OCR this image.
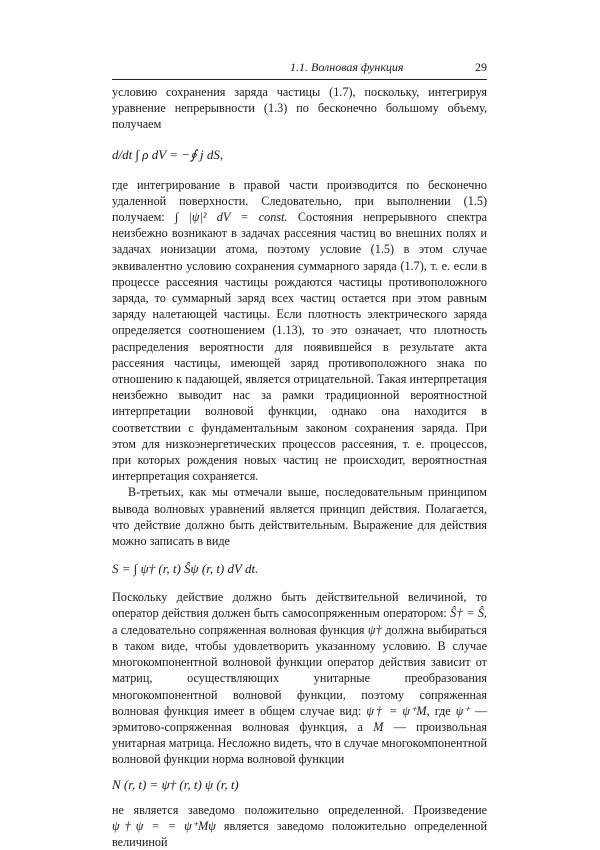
1.1. Волновая функция	29

условию сохранения заряда частицы (1.7), поскольку, интегрируя уравнение непрерывности (1.3) по бесконечно большому объему, получаем

d/dt ∫ ρ dV = −∮ j dS,

где интегрирование в правой части производится по бесконечно удаленной поверхности. Следовательно, при выполнении (1.5) получаем: ∫ |ψ|² dV = const. Состояния непрерывного спектра неизбежно возникают в задачах рассеяния частиц во внешних полях и задачах ионизации атома, поэтому условие (1.5) в этом случае эквивалентно условию сохранения суммарного заряда (1.7), т. е. если в процессе рассеяния частицы рождаются частицы противоположного заряда, то суммарный заряд всех частиц остается при этом равным заряду налетающей частицы. Если плотность электрического заряда определяется соотношением (1.13), то это означает, что плотность распределения вероятности для появившейся в результате акта рассеяния частицы, имеющей заряд противоположного знака по отношению к падающей, является отрицательной. Такая интерпретация неизбежно выводит нас за рамки традиционной вероятностной интерпретации волновой функции, однако она находится в соответствии с фундаментальным законом сохранения заряда. При этом для низкоэнергетических процессов рассеяния, т. е. процессов, при которых рождения новых частиц не происходит, вероятностная интерпретация сохраняется.

В-третьих, как мы отмечали выше, последовательным принципом вывода волновых уравнений является принцип действия. Полагается, что действие должно быть действительным. Выражение для действия можно записать в виде

S = ∫ ψ† (r, t) Ŝψ (r, t) dV dt.

Поскольку действие должно быть действительной величиной, то оператор действия должен быть самосопряженным оператором: Ŝ† = Ŝ, а следовательно сопряженная волновая функция ψ† должна выбираться в таком виде, чтобы удовлетворить указанному условию. В случае многокомпонентной волновой функции оператор действия зависит от матриц, осуществляющих унитарные преобразования многокомпонентной волновой функции, поэтому сопряженная волновая функция имеет в общем случае вид: ψ† = ψ⁺M, где ψ⁺ — эрмитово-сопряженная волновая функция, а M — произвольная унитарная матрица. Несложно видеть, что в случае многокомпонентной волновой функции норма волновой функции

N (r, t) = ψ† (r, t) ψ (r, t)

не является заведомо положительно определенной. Произведение ψ†ψ = = ψ⁺Mψ является заведомо положительно определенной величиной
